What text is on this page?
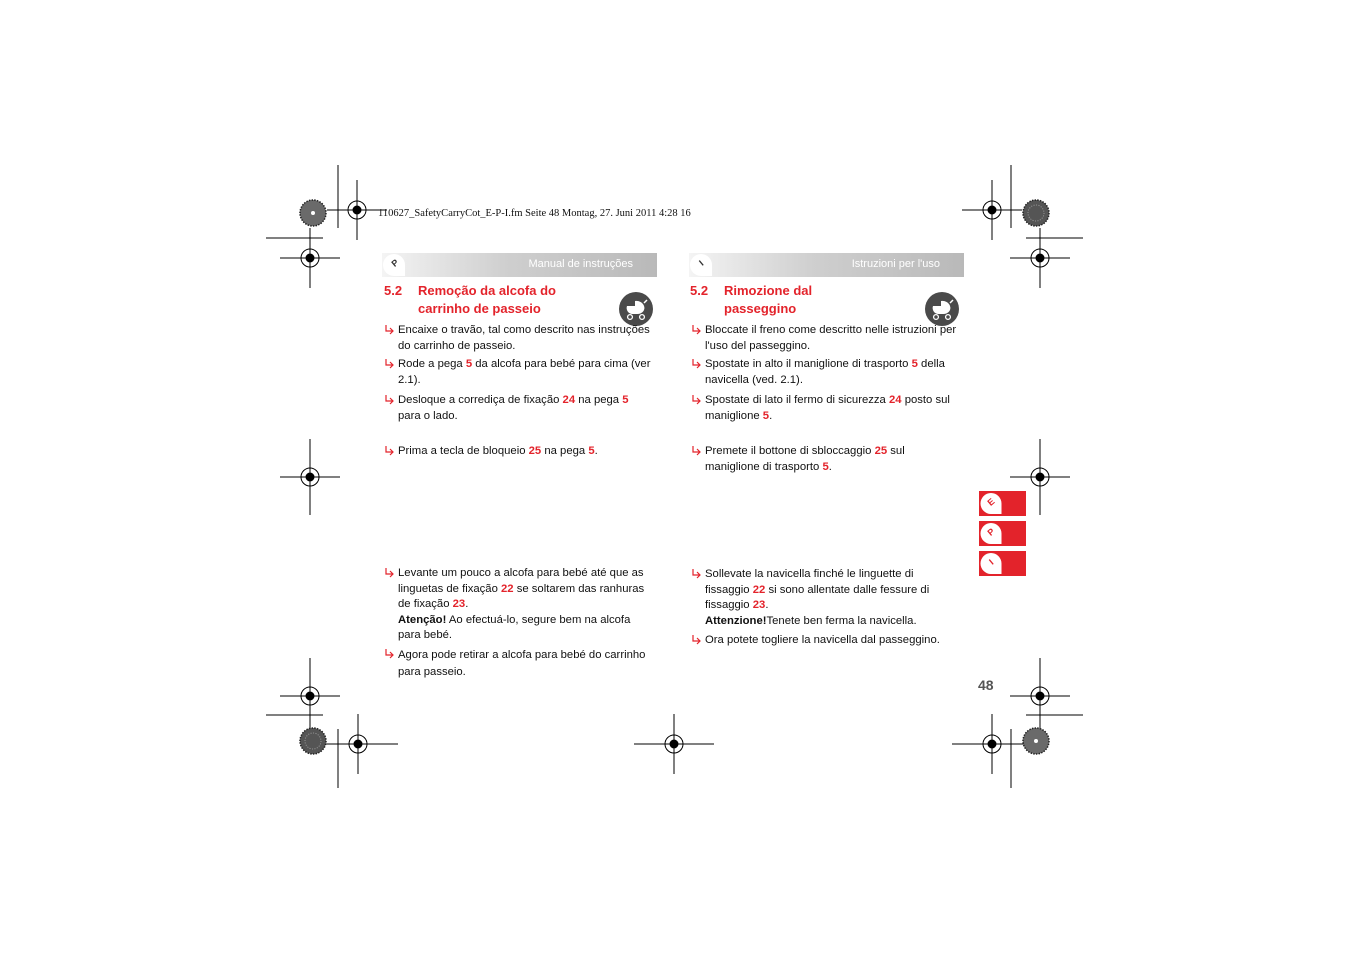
110627_SafetyCarryCot_E-P-I.fm Seite 48 Montag, 27. Juni 2011 4:28 16
P	Manual de instruções
5.2 Remoção da alcofa do carrinho de passeio
Encaixe o travão, tal como descrito nas instruções do carrinho de passeio.
Rode a pega 5 da alcofa para bebé para cima (ver 2.1).
Desloque a corrediça de fixação 24 na pega 5 para o lado.
Prima a tecla de bloqueio 25 na pega 5.
Levante um pouco a alcofa para bebé até que as linguetas de fixação 22 se soltarem das ranhuras de fixação 23.
Atenção! Ao efectuá-lo, segure bem na alcofa para bebé.
Agora pode retirar a alcofa para bebé do carrinho para passeio.
I	Istruzioni per l'uso
5.2 Rimozione dal passeggino
Bloccate il freno come descritto nelle istruzioni per l'uso del passeggino.
Spostate in alto il maniglione di trasporto 5 della navicella (ved. 2.1).
Spostate di lato il fermo di sicurezza 24 posto sul maniglione 5.
Premete il bottone di sbloccaggio 25 sul maniglione di trasporto 5.
Sollevate la navicella finché le linguette di fissaggio 22 si sono allentate dalle fessure di fissaggio 23.
Attenzione!Tenete ben ferma la navicella.
Ora potete togliere la navicella dal passeggino.
E
P
I
48
